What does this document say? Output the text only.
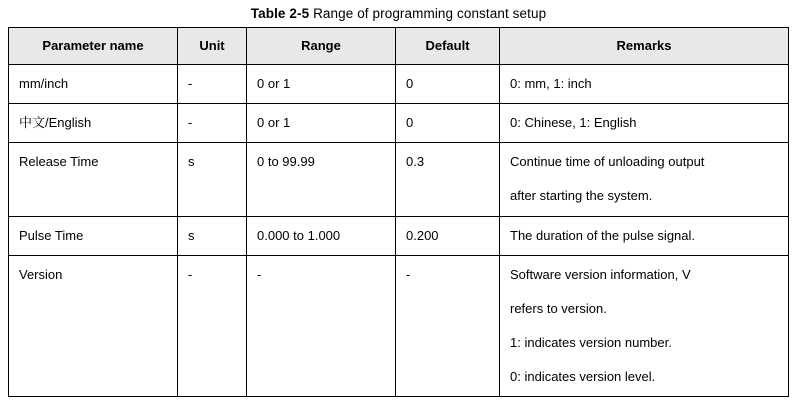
Table 2-5 Range of programming constant setup
Parameter name	Unit	Range	Default	Remarks
mm/inch	-	0 or 1	0	0: mm, 1: inch

中文/English	-	0 or 1	0	0: Chinese, 1: English

Release Time	s	0 to 99.99	0.3	Continue time of unloading output
after starting the system.

Pulse Time	s	0.000 to 1.000	0.200	The duration of the pulse signal.

Version	-	-	-	Software version information, V
refers to version.
1: indicates version number.
0: indicates version level.
